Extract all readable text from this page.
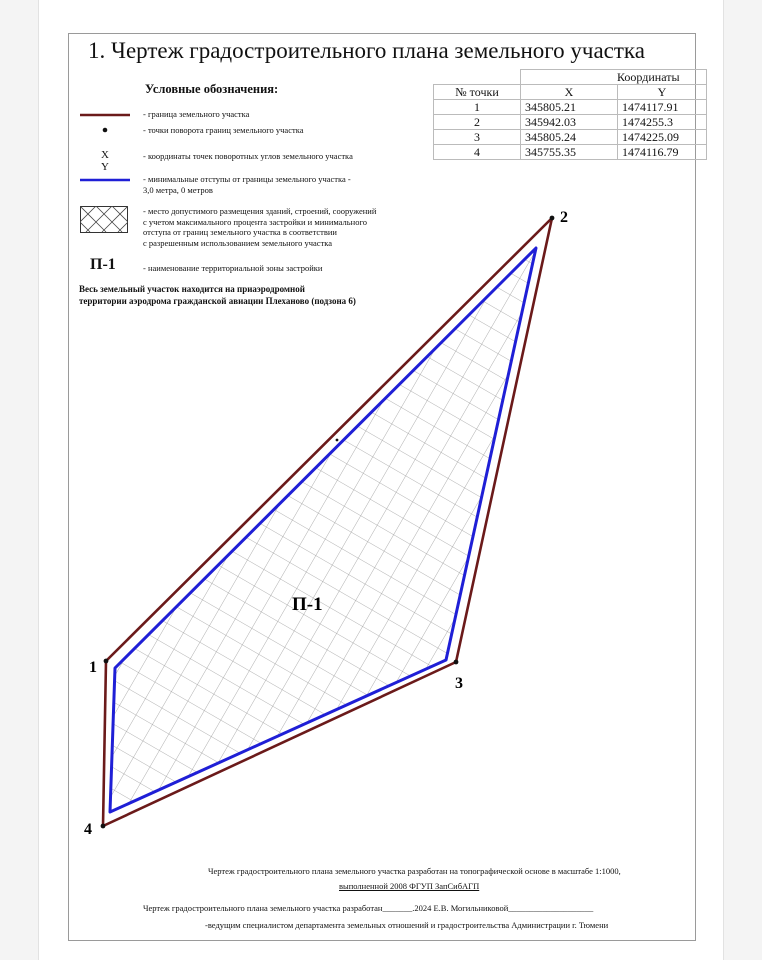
1. Чертеж градостроительного плана земельного участка
Условные обозначения:
- граница земельного участка
- точки поворота границ земельного участка
X
Y
- координаты точек поворотных углов земельного участка
- минимальные отступы от границы земельного участка -
3,0 метра, 0 метров
- место допустимого размещения зданий, строений, сооружений
с учетом максимального процента застройки и минимального
отступа от границ земельного участка в соответствии
с разрешенным использованием земельного участка
П-1	- наименование территориальной зоны застройки
Весь земельный участок находится на приаэродромной
территории аэродрома гражданской авиации Плеханово (подзона 6)
	Координаты	
№ точки	X	Y
1	345805.21	1474117.91
2	345942.03	1474255.3
3	345805.24	1474225.09
4	345755.35	1474116.79
1
2
3
4
П-1
Чертеж градостроительного плана земельного участка разработан на топографической основе в масштабе 1:1000,
выполненной 2008 ФГУП ЗапСибАГП
Чертеж градостроительного плана земельного участка разработан_______.2024 Е.В. Могильниковой____________________
-ведущим специалистом департамента земельных отношений и градостроительства Администрации г. Тюмени
